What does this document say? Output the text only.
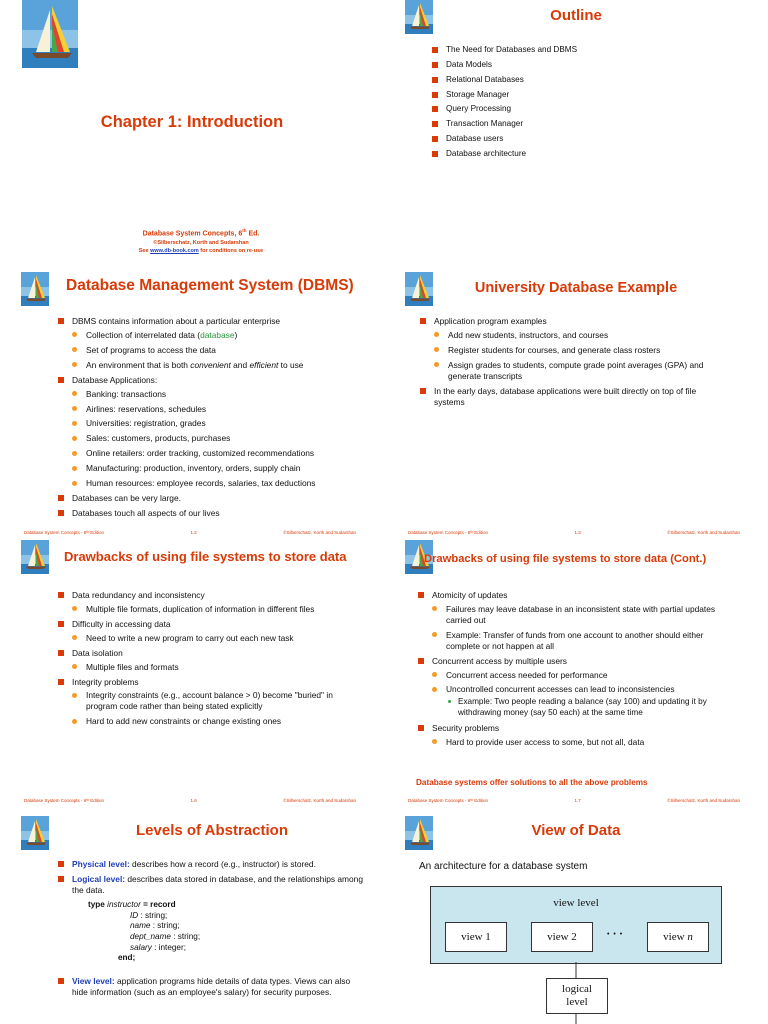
Chapter 1: Introduction
Database System Concepts, 6th Ed.
©Silberschatz, Korth and Sudarshan
See www.db-book.com for conditions on re-use
Outline
The Need for Databases and DBMS
Data Models
Relational Databases
Storage Manager
Query Processing
Transaction Manager
Database users
Database architecture
Database Management System (DBMS)
DBMS contains information about a particular enterprise
Collection of interrelated data (database)
Set of programs to access the data
An environment that is both convenient and efficient to use
Database Applications:
Banking: transactions
Airlines: reservations, schedules
Universities: registration, grades
Sales: customers, products, purchases
Online retailers: order tracking, customized recommendations
Manufacturing: production, inventory, orders, supply chain
Human resources: employee records, salaries, tax deductions
Databases can be very large.
Databases touch all aspects of our lives
Database System Concepts - 6ᵗʰ Edition	1.2	©Silberschatz, Korth and Sudarshan
University Database Example
Application program examples
Add new students, instructors, and courses
Register students for courses, and generate class rosters
Assign grades to students, compute grade point averages (GPA) and generate transcripts
In the early days, database applications were built directly on top of file systems
Database System Concepts - 6ᵗʰ Edition	1.3	©Silberschatz, Korth and Sudarshan
Drawbacks of using file systems to store data
Data redundancy and inconsistency
Multiple file formats, duplication of information in different files
Difficulty in accessing data
Need to write a new program to carry out each new task
Data isolation
Multiple files and formats
Integrity problems
Integrity constraints (e.g., account balance > 0) become "buried" in program code rather than being stated explicitly
Hard to add new constraints or change existing ones
Database System Concepts - 6ᵗʰ Edition	1.6	©Silberschatz, Korth and Sudarshan
Drawbacks of using file systems to store data (Cont.)
Atomicity of updates
Failures may leave database in an inconsistent state with partial updates carried out
Example: Transfer of funds from one account to another should either complete or not happen at all
Concurrent access by multiple users
Concurrent access needed for performance
Uncontrolled concurrent accesses can lead to inconsistencies
Example: Two people reading a balance (say 100) and updating it by withdrawing money (say 50 each) at the same time
Security problems
Hard to provide user access to some, but not all, data
Database systems offer solutions to all the above problems
Database System Concepts - 6ᵗʰ Edition	1.7	©Silberschatz, Korth and Sudarshan
Levels of Abstraction
Physical level: describes how a record (e.g., instructor) is stored.
Logical level: describes data stored in database, and the relationships among the data.
type instructor = record
ID : string;
name : string;
dept_name : string;
salary : integer;
end;
View level: application programs hide details of data types. Views can also hide information (such as an employee's salary) for security purposes.
View of Data
An architecture for a database system
view level
view 1	view 2	• • •	view n
logical level
